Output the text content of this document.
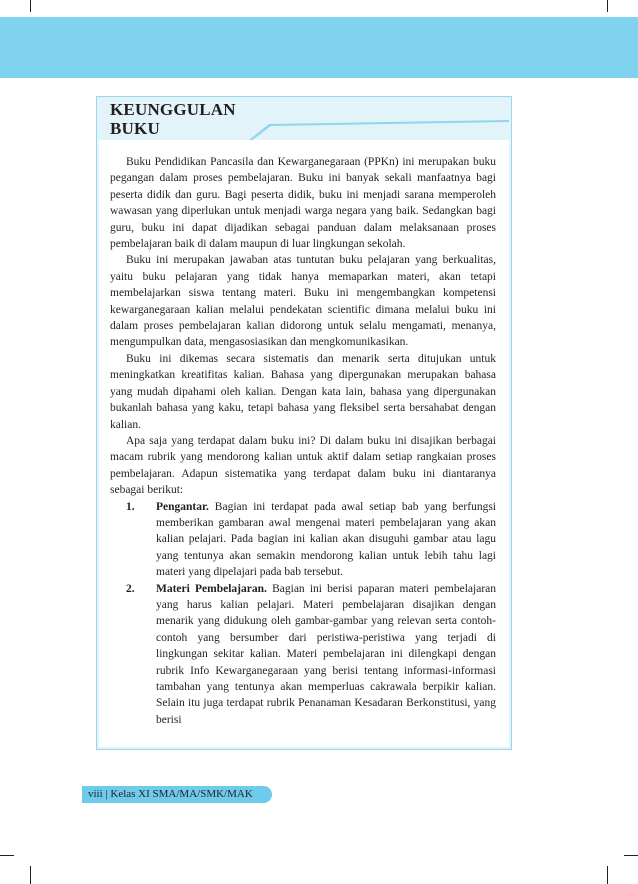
KEUNGGULAN
BUKU

Buku Pendidikan Pancasila dan Kewarganegaraan (PPKn) ini merupakan buku pegangan dalam proses pembelajaran. Buku ini banyak sekali manfaatnya bagi peserta didik dan guru. Bagi peserta didik, buku ini menjadi sarana memperoleh wawasan yang diperlukan untuk menjadi warga negara yang baik. Sedangkan bagi guru, buku ini dapat dijadikan sebagai panduan dalam melaksanaan proses pembelajaran baik di dalam maupun di luar lingkungan sekolah.

Buku ini merupakan jawaban atas tuntutan buku pelajaran yang berkualitas, yaitu buku pelajaran yang tidak hanya memaparkan materi, akan tetapi membelajarkan siswa tentang materi. Buku ini mengembangkan kompetensi kewarganegaraan kalian melalui pendekatan scientific dimana melalui buku ini dalam proses pembelajaran kalian didorong untuk selalu mengamati, menanya, mengumpulkan data, mengasosiasikan dan mengkomunikasikan.

Buku ini dikemas secara sistematis dan menarik serta ditujukan untuk meningkatkan kreatifitas kalian. Bahasa yang dipergunakan merupakan bahasa yang mudah dipahami oleh kalian. Dengan kata lain, bahasa yang dipergunakan bukanlah bahasa yang kaku, tetapi bahasa yang fleksibel serta bersahabat dengan kalian.

Apa saja yang terdapat dalam buku ini? Di dalam buku ini disajikan berbagai macam rubrik yang mendorong kalian untuk aktif dalam setiap rangkaian proses pembelajaran. Adapun sistematika yang terdapat dalam buku ini diantaranya sebagai berikut:

1.	Pengantar. Bagian ini terdapat pada awal setiap bab yang berfungsi memberikan gambaran awal mengenai materi pembelajaran yang akan kalian pelajari. Pada bagian ini kalian akan disuguhi gambar atau lagu yang tentunya akan semakin mendorong kalian untuk lebih tahu lagi materi yang dipelajari pada bab tersebut.
2.	Materi Pembelajaran. Bagian ini berisi paparan materi pembelajaran yang harus kalian pelajari. Materi pembelajaran disajikan dengan menarik yang didukung oleh gambar-gambar yang relevan serta contoh-contoh yang bersumber dari peristiwa-peristiwa yang terjadi di lingkungan sekitar kalian. Materi pembelajaran ini dilengkapi dengan rubrik Info Kewarganegaraan yang berisi tentang informasi-informasi tambahan yang tentunya akan memperluas cakrawala berpikir kalian. Selain itu juga terdapat rubrik Penanaman Kesadaran Berkonstitusi, yang berisi
viii | Kelas XI SMA/MA/SMK/MAK
